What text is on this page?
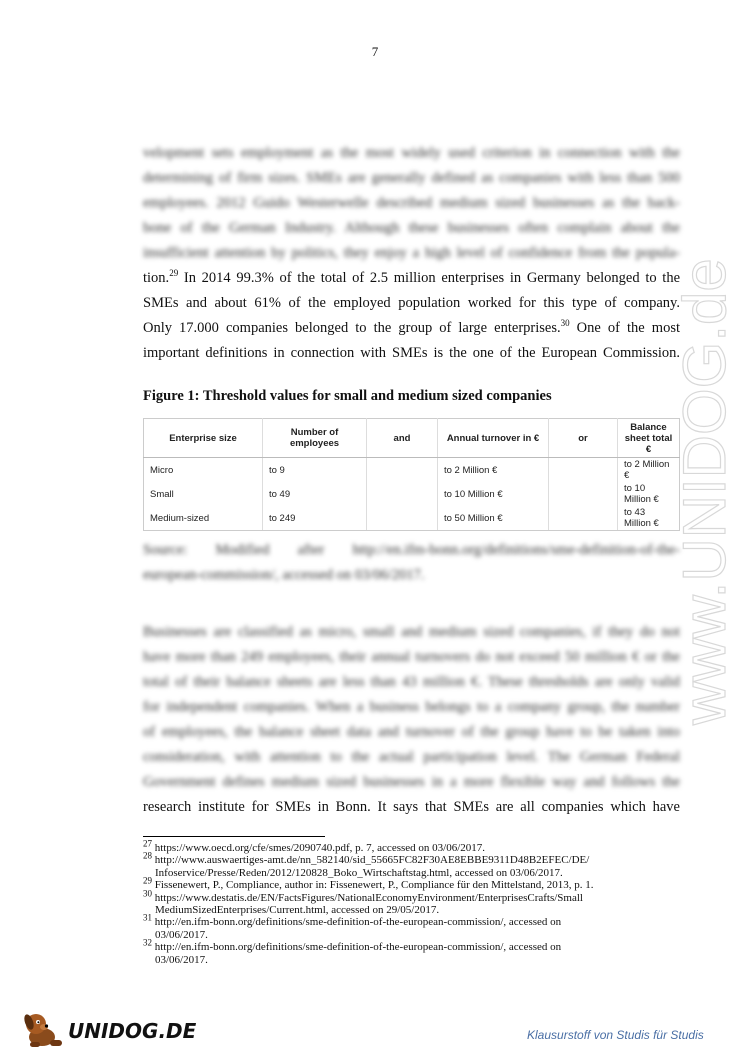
7
velopment sets employment as the most widely used criterion in connection with the
determining of firm sizes. SMEs are generally defined as companies with less than 500
employees. 2012 Guido Westerwelle described medium sized businesses as the back-
bone of the German Industry. Although these businesses often complain about the
insufficient attention by politics, they enjoy a high level of confidence from the popula-
tion.$^{29}$ In 2014 99.3% of the total of 2.5 million enterprises in Germany belonged to the
SMEs and about 61% of the employed population worked for this type of company.
Only 17.000 companies belonged to the group of large enterprises.$^{30}$ One of the most
important definitions in connection with SMEs is the one of the European Commission.
Figure 1: Threshold values for small and medium sized companies
Enterprise size	Number of employees	and	Annual turnover in €	or	Balance sheet total €
Micro	to 9		to 2 Million €		to 2 Million €
Small	to 49		to 10 Million €		to 10 Million €
Medium-sized	to 249		to 50 Million €		to 43 Million €
Source: Modified after http://en.ifm-bonn.org/definitions/sme-definition-of-the-
european-commission/, accessed on 03/06/2017.
Businesses are classified as micro, small and medium sized companies, if they do not
have more than 249 employees, their annual turnovers do not exceed 50 million € or the
total of their balance sheets are less than 43 million €. These thresholds are only valid
for independent companies. When a business belongs to a company group, the number
of employees, the balance sheet data and turnover of the group have to be taken into
consideration, with attention to the actual participation level. The German Federal
Government defines medium sized businesses in a more flexible way and follows the
research institute for SMEs in Bonn. It says that SMEs are all companies which have
$^{27}$ https://www.oecd.org/cfe/smes/2090740.pdf, p. 7, accessed on 03/06/2017.
$^{28}$ http://www.auswaertiges-amt.de/nn_582140/sid_55665FC82F30AE8EBBE9311D48B2EFEC/DE/
Infoservice/Presse/Reden/2012/120828_Boko_Wirtschaftstag.html, accessed on 03/06/2017.
$^{29}$ Fissenewert, P., Compliance, author in: Fissenewert, P., Compliance für den Mittelstand, 2013, p. 1.
$^{30}$ https://www.destatis.de/EN/FactsFigures/NationalEconomyEnvironment/EnterprisesCrafts/Small
MediumSizedEnterprises/Current.html, accessed on 29/05/2017.
$^{31}$ http://en.ifm-bonn.org/definitions/sme-definition-of-the-european-commission/, accessed on
03/06/2017.
$^{32}$ http://en.ifm-bonn.org/definitions/sme-definition-of-the-european-commission/, accessed on
03/06/2017.
www.UNIDOG.de
UNIDOG.DE	Klausurstoff von Studis für Studis
